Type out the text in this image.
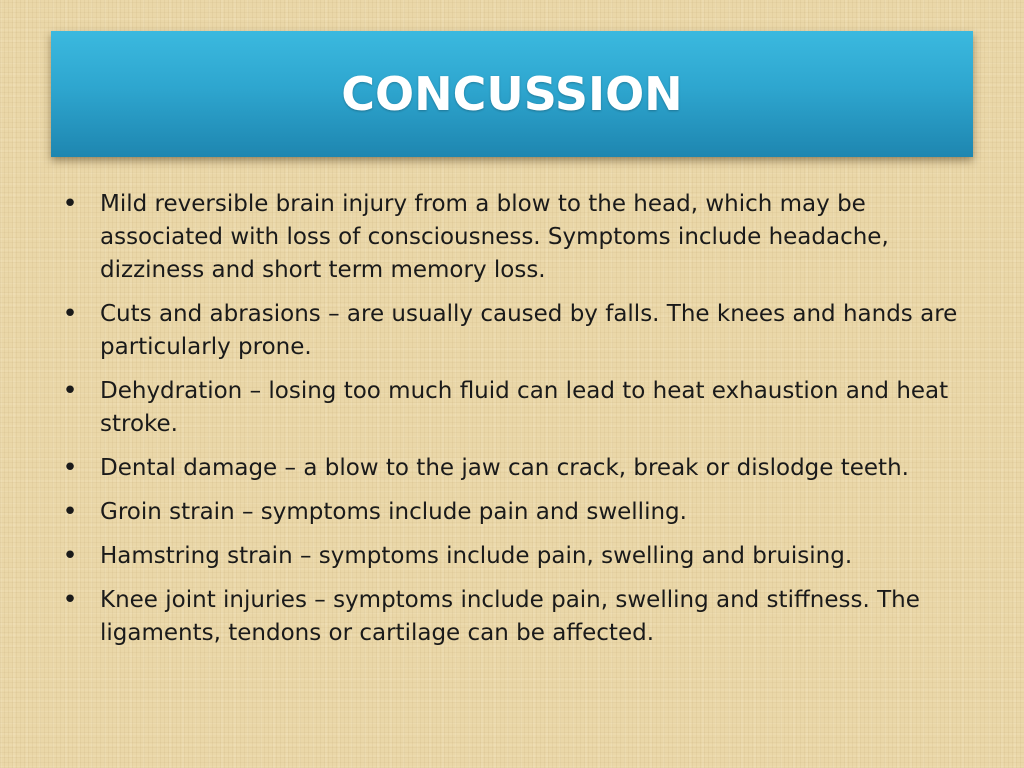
CONCUSSION
• Mild reversible brain injury from a blow to the head, which may be associated with loss of consciousness. Symptoms include headache, dizziness and short term memory loss.
• Cuts and abrasions – are usually caused by falls. The knees and hands are particularly prone.
• Dehydration – losing too much fluid can lead to heat exhaustion and heat stroke.
• Dental damage – a blow to the jaw can crack, break or dislodge teeth.
• Groin strain – symptoms include pain and swelling.
• Hamstring strain – symptoms include pain, swelling and bruising.
• Knee joint injuries – symptoms include pain, swelling and stiffness. The ligaments, tendons or cartilage can be affected.
